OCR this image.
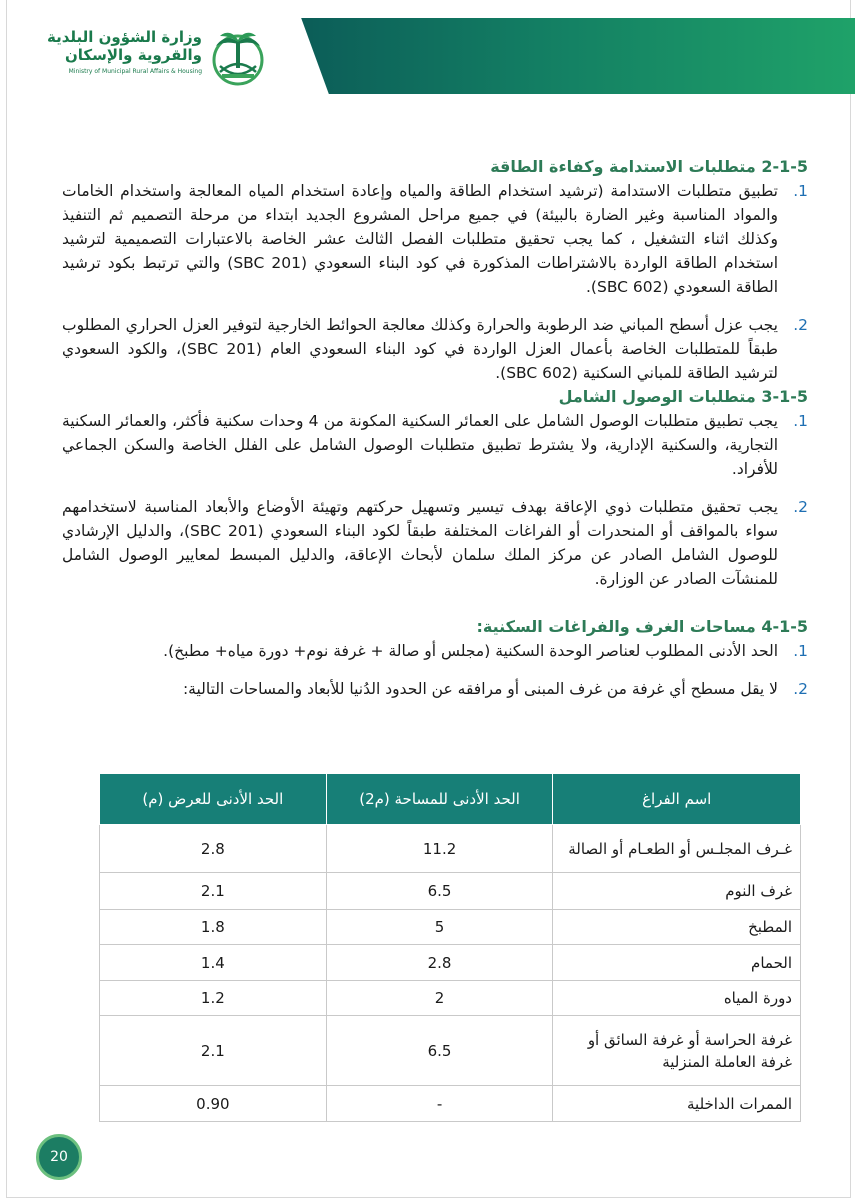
وزارة الشؤون البلدية
والقروية والإسكان
Ministry of Municipal Rural Affairs & Housing
2-1-5 متطلبات الاستدامة وكفاءة الطاقة

1.
تطبيق متطلبات الاستدامة (ترشيد استخدام الطاقة والمياه وإعادة استخدام المياه المعالجة واستخدام الخامات والمواد المناسبة وغير الضارة بالبيئة) في جميع مراحل المشروع الجديد ابتداء من مرحلة التصميم ثم التنفيذ وكذلك اثناء التشغيل ، كما يجب تحقيق متطلبات الفصل الثالث عشر الخاصة بالاعتبارات التصميمية لترشيد استخدام الطاقة الواردة بالاشتراطات المذكورة في كود البناء السعودي (SBC 201) والتي ترتبط بكود ترشيد الطاقة السعودي (SBC 602).

2.
يجب عزل أسطح المباني ضد الرطوبة والحرارة وكذلك معالجة الحوائط الخارجية لتوفير العزل الحراري المطلوب طبقاً للمتطلبات الخاصة بأعمال العزل الواردة في كود البناء السعودي العام (SBC 201)، والكود السعودي لترشيد الطاقة للمباني السكنية (SBC 602).

3-1-5 متطلبات الوصول الشامل

1.
يجب تطبيق متطلبات الوصول الشامل على العمائر السكنية المكونة من 4 وحدات سكنية فأكثر، والعمائر السكنية التجارية، والسكنية الإدارية، ولا يشترط تطبيق متطلبات الوصول الشامل على الفلل الخاصة والسكن الجماعي للأفراد.

2.
يجب تحقيق متطلبات ذوي الإعاقة بهدف تيسير وتسهيل حركتهم وتهيئة الأوضاع والأبعاد المناسبة لاستخدامهم سواء بالمواقف أو المنحدرات أو الفراغات المختلفة طبقاً لكود البناء السعودي (SBC 201)، والدليل الإرشادي للوصول الشامل الصادر عن مركز الملك سلمان لأبحاث الإعاقة، والدليل المبسط لمعايير الوصول الشامل للمنشآت الصادر عن الوزارة.

4-1-5 مساحات الغرف والفراغات السكنية:

1.
الحد الأدنى المطلوب لعناصر الوحدة السكنية (مجلس أو صالة + غرفة نوم+ دورة مياه+ مطبخ).

2.
لا يقل مسطح أي غرفة من غرف المبنى أو مرافقه عن الحدود الدُنيا للأبعاد والمساحات التالية:

اسم الفراغ	الحد الأدنى للمساحة (م2)	الحد الأدنى للعرض (م)
غـرف المجلـس أو الطعـام أو الصالة	11.2	2.8
غرف النوم	6.5	2.1
المطبخ	5	1.8
الحمام	2.8	1.4
دورة المياه	2	1.2
غرفة الحراسة أو غرفة السائق أو غرفة العاملة المنزلية	6.5	2.1
الممرات الداخلية	-	0.90
20
